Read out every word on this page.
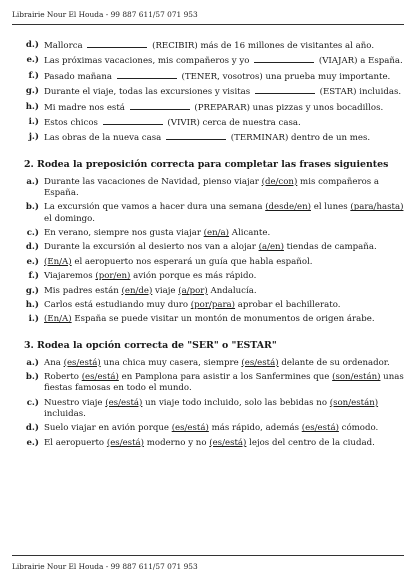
Librairie Nour El Houda - 99 887 611/57 071 953
d.) Mallorca	(RECIBIR) más de 16 millones de visitantes al año.
e.) Las próximas vacaciones, mis compañeros y yo	(VIAJAR) a España.
f.) Pasado mañana	(TENER, vosotros) una prueba muy importante.
g.) Durante el viaje, todas las excursiones y visitas	(ESTAR) incluidas.
h.) Mi madre nos está	(PREPARAR) unas pizzas y unos bocadillos.
i.) Estos chicos	(VIVIR) cerca de nuestra casa.
j.) Las obras de la nueva casa	(TERMINAR) dentro de un mes.
2. Rodea la preposición correcta para completar las frases siguientes
a.) Durante las vacaciones de Navidad, pienso viajar (de/con) mis compañeros a España.
b.) La excursión que vamos a hacer dura una semana (desde/en) el lunes (para/hasta) el domingo.
c.) En verano, siempre nos gusta viajar (en/a) Alicante.
d.) Durante la excursión al desierto nos van a alojar (a/en) tiendas de campaña.
e.) (En/A) el aeropuerto nos esperará un guía que habla español.
f.) Viajaremos (por/en) avión porque es más rápido.
g.) Mis padres están (en/de) viaje (a/por) Andalucía.
h.) Carlos está estudiando muy duro (por/para) aprobar el bachillerato.
i.) (En/A) España se puede visitar un montón de monumentos de origen árabe.
3. Rodea la opción correcta de "SER" o "ESTAR"
a.) Ana (es/está) una chica muy casera, siempre (es/está) delante de su ordenador.
b.) Roberto (es/está) en Pamplona para asistir a los Sanfermines que (son/están) unas fiestas famosas en todo el mundo.
c.) Nuestro viaje (es/está) un viaje todo incluido, solo las bebidas no (son/están) incluidas.
d.) Suelo viajar en avión porque (es/está) más rápido, además (es/está) cómodo.
e.) El aeropuerto (es/está) moderno y no (es/está) lejos del centro de la ciudad.
Librairie Nour El Houda - 99 887 611/57 071 953
